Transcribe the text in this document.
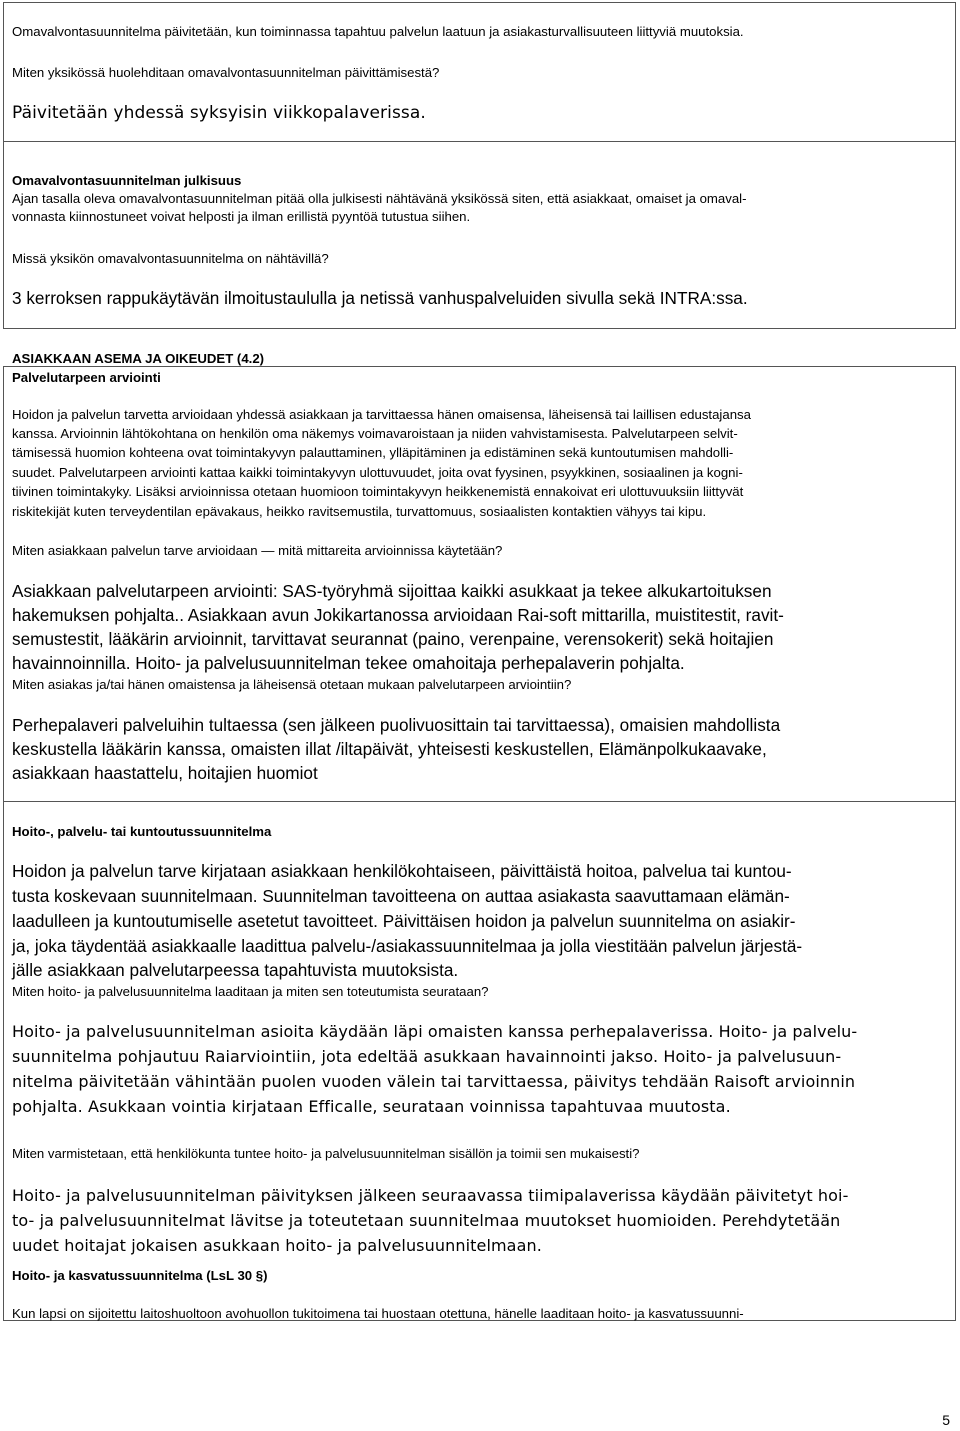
Omavalvontasuunnitelma päivitetään, kun toiminnassa tapahtuu palvelun laatuun ja asiakasturvallisuuteen liittyviä muutoksia.

Miten yksikössä huolehditaan omavalvontasuunnitelman päivittämisestä?

Päivitetään yhdessä syksyisin viikkopalaverissa.

Omavalvontasuunnitelman julkisuus

Ajan tasalla oleva omavalvontasuunnitelman pitää olla julkisesti nähtävänä yksikössä siten, että asiakkaat, omaiset ja omaval-

vonnasta kiinnostuneet voivat helposti ja ilman erillistä pyyntöä tutustua siihen.

Missä yksikön omavalvontasuunnitelma on nähtävillä?

3 kerroksen rappukäytävän ilmoitustaululla ja netissä vanhuspalveluiden sivulla sekä INTRA:ssa.

ASIAKKAAN ASEMA JA OIKEUDET (4.2)

Palvelutarpeen arviointi

Hoidon ja palvelun tarvetta arvioidaan yhdessä asiakkaan ja tarvittaessa hänen omaisensa, läheisensä tai laillisen edustajansa

kanssa. Arvioinnin lähtökohtana on henkilön oma näkemys voimavaroistaan ja niiden vahvistamisesta. Palvelutarpeen selvit-

tämisessä huomion kohteena ovat toimintakyvyn palauttaminen, ylläpitäminen ja edistäminen sekä kuntoutumisen mahdolli-

suudet. Palvelutarpeen arviointi kattaa kaikki toimintakyvyn ulottuvuudet, joita ovat fyysinen, psyykkinen, sosiaalinen ja kogni-

tiivinen toimintakyky. Lisäksi arvioinnissa otetaan huomioon toimintakyvyn heikkenemistä ennakoivat eri ulottuvuuksiin liittyvät

riskitekijät kuten terveydentilan epävakaus, heikko ravitsemustila, turvattomuus, sosiaalisten kontaktien vähyys tai kipu.

Miten asiakkaan palvelun tarve arvioidaan — mitä mittareita arvioinnissa käytetään?

Asiakkaan palvelutarpeen arviointi: SAS-työryhmä sijoittaa kaikki asukkaat ja tekee alkukartoituksen

hakemuksen pohjalta.. Asiakkaan avun Jokikartanossa arvioidaan Rai-soft mittarilla, muistitestit, ravit-

semustestit, lääkärin arvioinnit, tarvittavat seurannat (paino, verenpaine, verensokerit) sekä hoitajien

havainnoinnilla. Hoito- ja palvelusuunnitelman tekee omahoitaja perhepalaverin pohjalta.

Miten asiakas ja/tai hänen omaistensa ja läheisensä otetaan mukaan palvelutarpeen arviointiin?

Perhepalaveri palveluihin tultaessa (sen jälkeen puolivuosittain tai tarvittaessa), omaisien mahdollista

keskustella lääkärin kanssa, omaisten illat /iltapäivät, yhteisesti keskustellen, Elämänpolkukaavake,

asiakkaan haastattelu, hoitajien huomiot

Hoito-, palvelu- tai kuntoutussuunnitelma

Hoidon ja palvelun tarve kirjataan asiakkaan henkilökohtaiseen, päivittäistä hoitoa, palvelua tai kuntou-

tusta koskevaan suunnitelmaan. Suunnitelman tavoitteena on auttaa asiakasta saavuttamaan elämän-

laadulleen ja kuntoutumiselle asetetut tavoitteet. Päivittäisen hoidon ja palvelun suunnitelma on asiakir-

ja, joka täydentää asiakkaalle laadittua palvelu-/asiakassuunnitelmaa ja jolla viestitään palvelun järjestä-

jälle asiakkaan palvelutarpeessa tapahtuvista muutoksista.

Miten hoito- ja palvelusuunnitelma laaditaan ja miten sen toteutumista seurataan?

Hoito- ja palvelusuunnitelman asioita käydään läpi omaisten kanssa perhepalaverissa. Hoito- ja palvelu-

suunnitelma pohjautuu Raiarviointiin, jota edeltää asukkaan havainnointi jakso. Hoito- ja palvelusuun-

nitelma päivitetään vähintään puolen vuoden välein tai tarvittaessa, päivitys tehdään Raisoft arvioinnin

pohjalta. Asukkaan vointia kirjataan Efficalle, seurataan voinnissa tapahtuvaa muutosta.

Miten varmistetaan, että henkilökunta tuntee hoito- ja palvelusuunnitelman sisällön ja toimii sen mukaisesti?

Hoito- ja palvelusuunnitelman päivityksen jälkeen seuraavassa tiimipalaverissa käydään päivitetyt hoi-

to- ja palvelusuunnitelmat lävitse ja toteutetaan suunnitelmaa muutokset huomioiden. Perehdytetään

uudet hoitajat jokaisen asukkaan hoito- ja palvelusuunnitelmaan.

Hoito- ja kasvatussuunnitelma (LsL 30 §)

Kun lapsi on sijoitettu laitoshuoltoon avohuollon tukitoimena tai huostaan otettuna, hänelle laaditaan hoito- ja kasvatussuunni-

5
